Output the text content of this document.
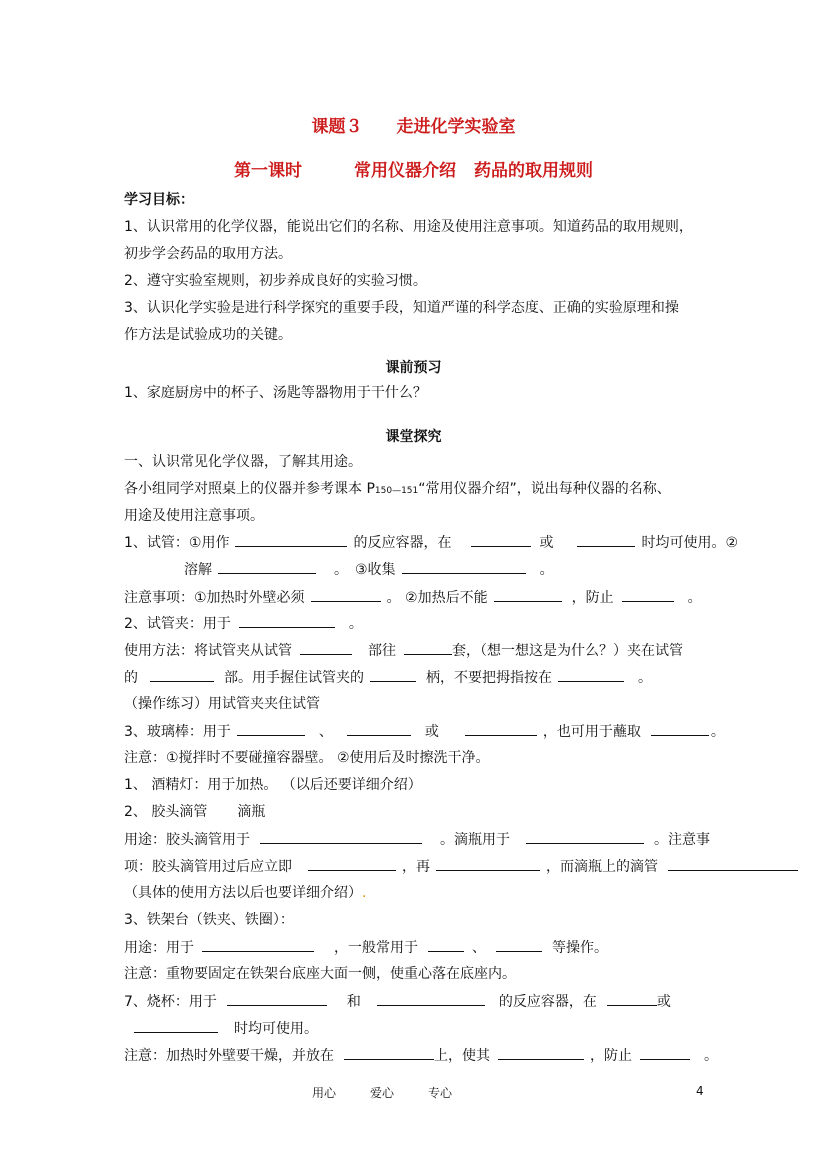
课题３　　走进化学实验室
第一课时	常用仪器介绍 药品的取用规则
学习目标：
1、认识常用的化学仪器，能说出它们的名称、用途及使用注意事项。知道药品的取用规则，
初步学会药品的取用方法。
2、遵守实验室规则，初步养成良好的实验习惯。
3、认识化学实验是进行科学探究的重要手段，知道严谨的科学态度、正确的实验原理和操
作方法是试验成功的关键。
课前预习
1、家庭厨房中的杯子、汤匙等器物用于干什么？
课堂探究
一、认识常见化学仪器，了解其用途。
各小组同学对照桌上的仪器并参考课本 P150—151“常用仪器介绍”，说出每种仪器的名称、
用途及使用注意事项。
1、试管：①用作	的反应容器，在	或	时均可使用。②
溶解	。　③收集	。
注意事项：①加热时外壁必须	。 ②加热后不能	，防止	。
2、试管夹：用于	。
使用方法：将试管夹从试管	部往	套，（想一想这是为什么？）夹在试管
的	部。用手握住试管夹的	柄，不要把拇指按在	。
（操作练习）用试管夹夹住试管
3、玻璃棒：用于	、	或	，也可用于蘸取	。
注意：①搅拌时不要碰撞容器壁。 ②使用后及时擦洗干净。
1、 酒精灯：用于加热。 （以后还要详细介绍）
2、 胶头滴管 滴瓶
用途：胶头滴管用于	。滴瓶用于	。注意事
项：胶头滴管用过后应立即	，再	，而滴瓶上的滴管
（具体的使用方法以后也要详细介绍）.
3、铁架台（铁夹、铁圈）：
用途：用于	，一般常用于	、	等操作。
注意：重物要固定在铁架台底座大面一侧，使重心落在底座内。
7、烧杯：用于	和	的反应容器，在	或
时均可使用。
注意：加热时外壁要干燥，并放在	上，使其	，防止	。
用心	爱心	专心	4
